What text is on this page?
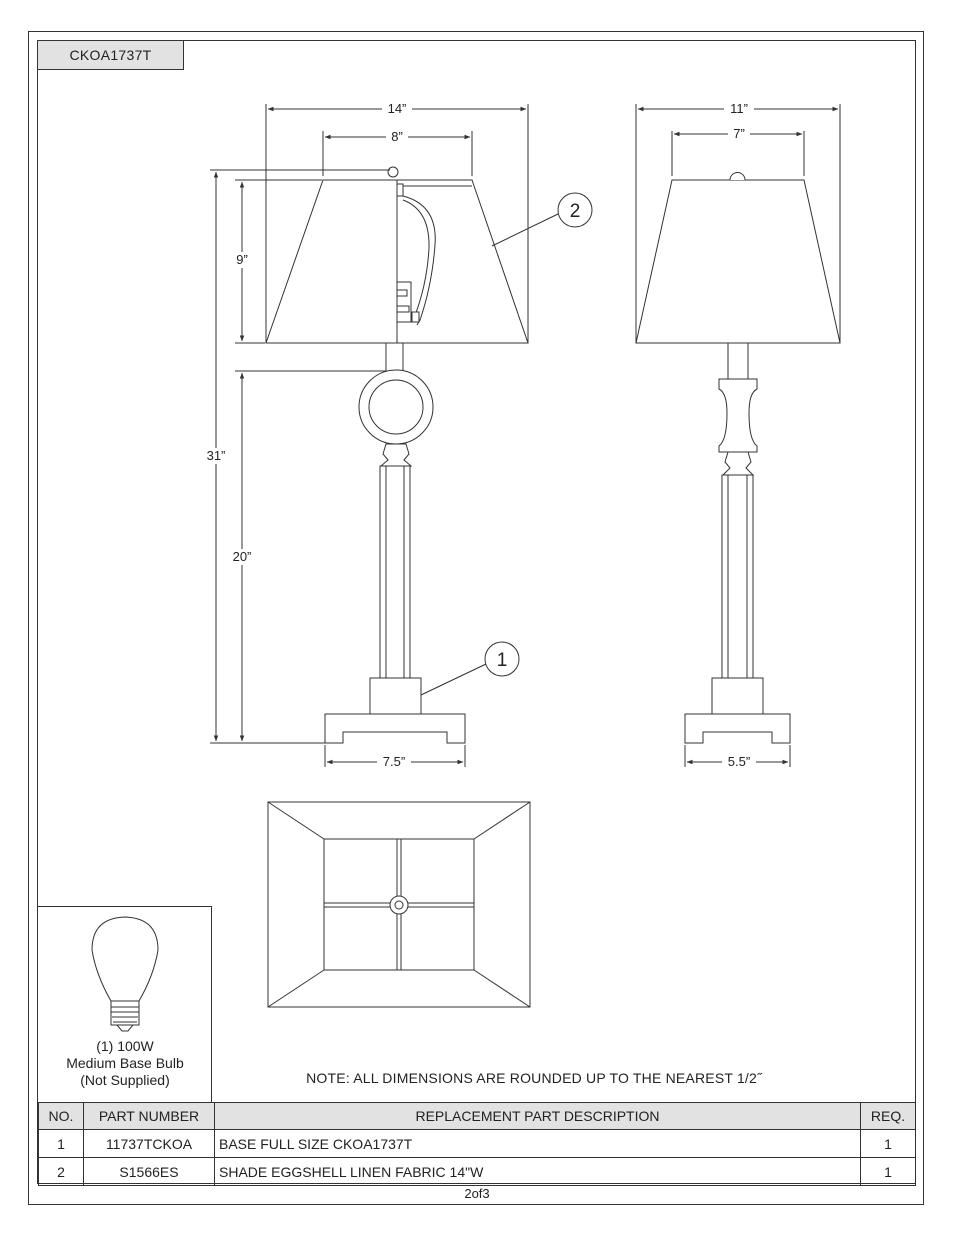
CKOA1737T
14”
8”
11”
7”
9”
31”
20”
7.5”	5.5”
2
1
(1) 100W
Medium Base Bulb
(Not Supplied)	NOTE: ALL DIMENSIONS ARE ROUNDED UP TO THE NEAREST 1/2˝
NO.	PART NUMBER	REPLACEMENT PART DESCRIPTION	REQ.
1	11737TCKOA	BASE FULL SIZE CKOA1737T	1
2	S1566ES	SHADE EGGSHELL LINEN FABRIC 14"W	1
2of3
